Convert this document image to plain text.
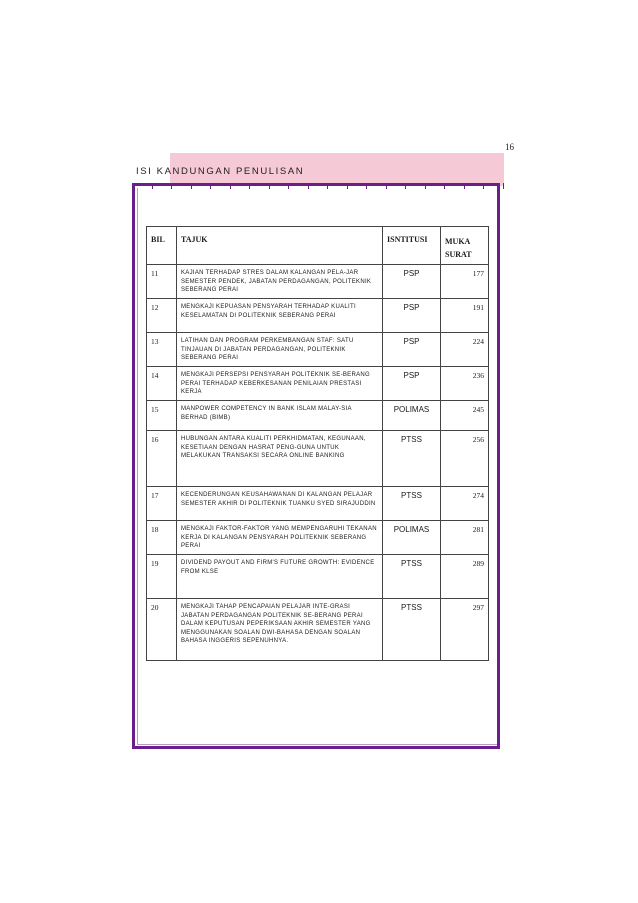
16
ISI KANDUNGAN PENULISAN
BIL	TAJUK	ISNTITUSI	MUKA
SURAT
11	KAJIAN TERHADAP STRES DALAM KALANGAN PELA-JAR SEMESTER PENDEK, JABATAN PERDAGANGAN, POLITEKNIK SEBERANG PERAI	PSP	177
12	MENGKAJI KEPUASAN PENSYARAH TERHADAP KUALITI KESELAMATAN DI POLITEKNIK SEBERANG PERAI	PSP	191
13	LATIHAN DAN PROGRAM PERKEMBANGAN STAF: SATU TINJAUAN DI JABATAN PERDAGANGAN, POLITEKNIK SEBERANG PERAI	PSP	224
14	MENGKAJI PERSEPSI PENSYARAH POLITEKNIK SE-BERANG PERAI TERHADAP KEBERKESANAN PENILAIAN PRESTASI KERJA	PSP	236
15	MANPOWER COMPETENCY IN BANK ISLAM MALAY-SIA BERHAD (BIMB)	POLIMAS	245
16	HUBUNGAN ANTARA KUALITI PERKHIDMATAN, KEGUNAAN, KESETIAAN DENGAN HASRAT PENG-GUNA UNTUK MELAKUKAN TRANSAKSI SECARA ONLINE BANKING	PTSS	256
17	KECENDERUNGAN KEUSAHAWANAN DI KALANGAN PELAJAR SEMESTER AKHIR DI POLITEKNIK TUANKU SYED SIRAJUDDIN	PTSS	274
18	MENGKAJI FAKTOR-FAKTOR YANG MEMPENGARUHI TEKANAN KERJA DI KALANGAN PENSYARAH POLITEKNIK SEBERANG PERAI	POLIMAS	281
19	DIVIDEND PAYOUT AND FIRM'S FUTURE GROWTH: EVIDENCE FROM KLSE	PTSS	289
20	MENGKAJI TAHAP PENCAPAIAN PELAJAR INTE-GRASI JABATAN PERDAGANGAN POLITEKNIK SE-BERANG PERAI DALAM KEPUTUSAN PEPERIKSAAN AKHIR SEMESTER YANG MENGGUNAKAN SOALAN DWI-BAHASA DENGAN SOALAN BAHASA INGGERIS SEPENUHNYA.	PTSS	297
